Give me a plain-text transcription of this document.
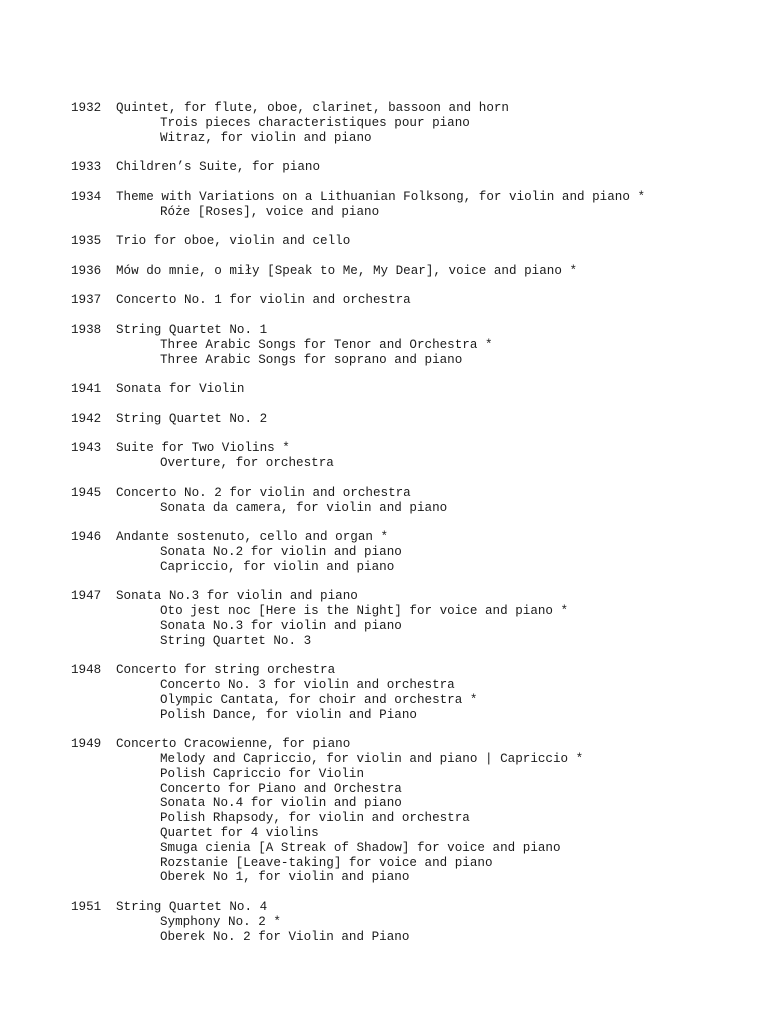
1932	Quintet, for flute, oboe, clarinet, bassoon and horn
Trois pieces characteristiques pour piano
Witraz, for violin and piano
1933	Children’s Suite, for piano
1934	Theme with Variations on a Lithuanian Folksong, for violin and piano *
Róże [Roses], voice and piano
1935	Trio for oboe, violin and cello
1936	Mów do mnie, o miły [Speak to Me, My Dear], voice and piano *
1937	Concerto No. 1 for violin and orchestra
1938	String Quartet No. 1
Three Arabic Songs for Tenor and Orchestra *
Three Arabic Songs for soprano and piano
1941	Sonata for Violin
1942	String Quartet No. 2
1943	Suite for Two Violins *
Overture, for orchestra
1945	Concerto No. 2 for violin and orchestra
Sonata da camera, for violin and piano
1946	Andante sostenuto, cello and organ *
Sonata No.2 for violin and piano
Capriccio, for violin and piano
1947	Sonata No.3 for violin and piano
Oto jest noc [Here is the Night] for voice and piano *
Sonata No.3 for violin and piano
String Quartet No. 3
1948	Concerto for string orchestra
Concerto No. 3 for violin and orchestra
Olympic Cantata, for choir and orchestra *
Polish Dance, for violin and Piano
1949	Concerto Cracowienne, for piano
Melody and Capriccio, for violin and piano | Capriccio *
Polish Capriccio for Violin
Concerto for Piano and Orchestra
Sonata No.4 for violin and piano
Polish Rhapsody, for violin and orchestra
Quartet for 4 violins
Smuga cienia [A Streak of Shadow] for voice and piano
Rozstanie [Leave-taking] for voice and piano
Oberek No 1, for violin and piano
1951	String Quartet No. 4
Symphony No. 2 *
Oberek No. 2 for Violin and Piano
